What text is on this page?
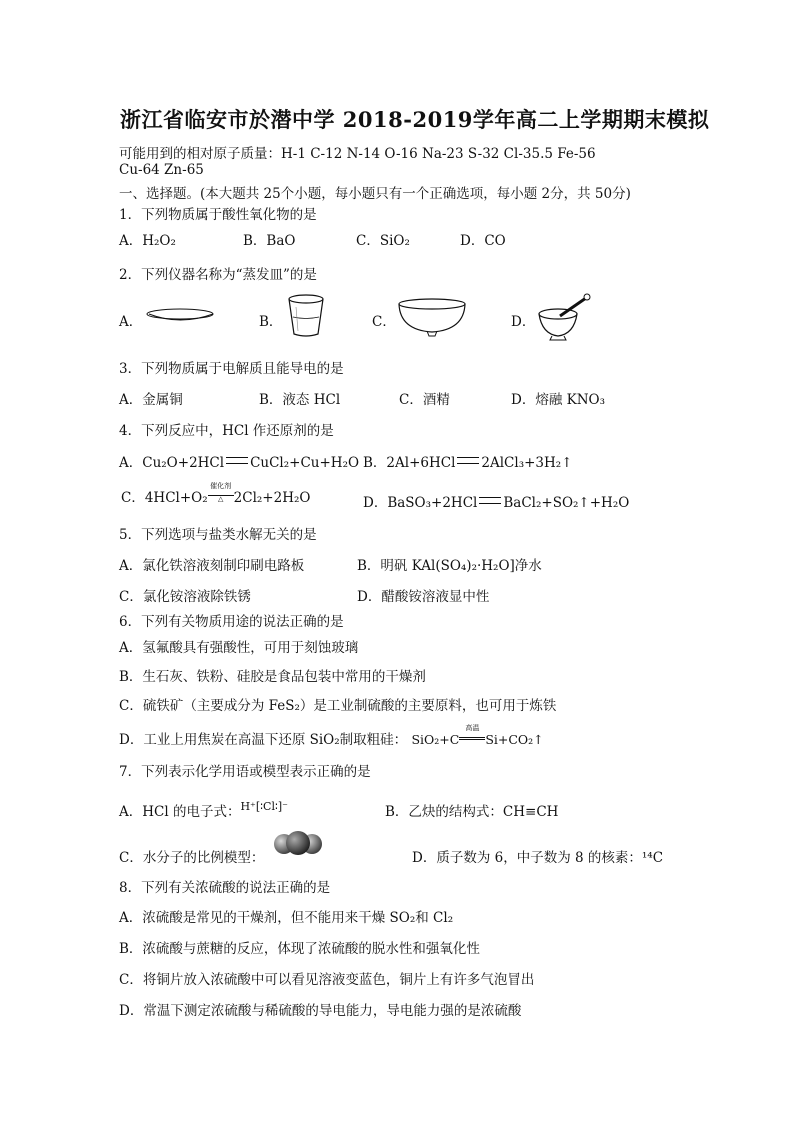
浙江省临安市於潜中学 2018-2019学年高二上学期期末模拟
可能用到的相对原子质量：H-1 C-12 N-14 O-16 Na-23 S-32 Cl-35.5 Fe-56
Cu-64 Zn-65
一、选择题。(本大题共 25个小题，每小题只有一个正确选项，每小题 2分，共 50分)
1．下列物质属于酸性氧化物的是
A．H₂O₂	B．BaO	C．SiO₂	D．CO
2．下列仪器名称为“蒸发皿”的是
A．	B．	C．	D．
3．下列物质属于电解质且能导电的是
A．金属铜	B．液态 HCl	C．酒精	D．熔融 KNO₃
4．下列反应中，HCl 作还原剂的是
A．Cu₂O+2HCl CuCl₂+Cu+H₂O B．2Al+6HCl 2AlCl₃+3H₂↑
C．4HCl+O₂
催化剂
△ 2Cl₂+2H₂O	D．BaSO₃+2HCl BaCl₂+SO₂↑+H₂O
5．下列选项与盐类水解无关的是
A．氯化铁溶液刻制印刷电路板	B．明矾 KAl(SO₄)₂·H₂O]净水
C．氯化铵溶液除铁锈	D．醋酸铵溶液显中性
6．下列有关物质用途的说法正确的是
A．氢氟酸具有强酸性，可用于刻蚀玻璃
B．生石灰、铁粉、硅胶是食品包装中常用的干燥剂
C．硫铁矿（主要成分为 FeS₂）是工业制硫酸的主要原料，也可用于炼铁
D．工业上用焦炭在高温下还原 SiO₂制取粗硅： SiO₂+C
高温
Si+CO₂↑
7．下列表示化学用语或模型表示正确的是
A．HCl 的电子式：$^{H^+[∶Cl∶]^-}$	B．乙炔的结构式：CH≡CH
C．水分子的比例模型：	D．质子数为 6，中子数为 8 的核素：¹⁴C
8．下列有关浓硫酸的说法正确的是
A．浓硫酸是常见的干燥剂，但不能用来干燥 SO₂和 Cl₂
B．浓硫酸与蔗糖的反应，体现了浓硫酸的脱水性和强氧化性
C．将铜片放入浓硫酸中可以看见溶液变蓝色，铜片上有许多气泡冒出
D．常温下测定浓硫酸与稀硫酸的导电能力，导电能力强的是浓硫酸
